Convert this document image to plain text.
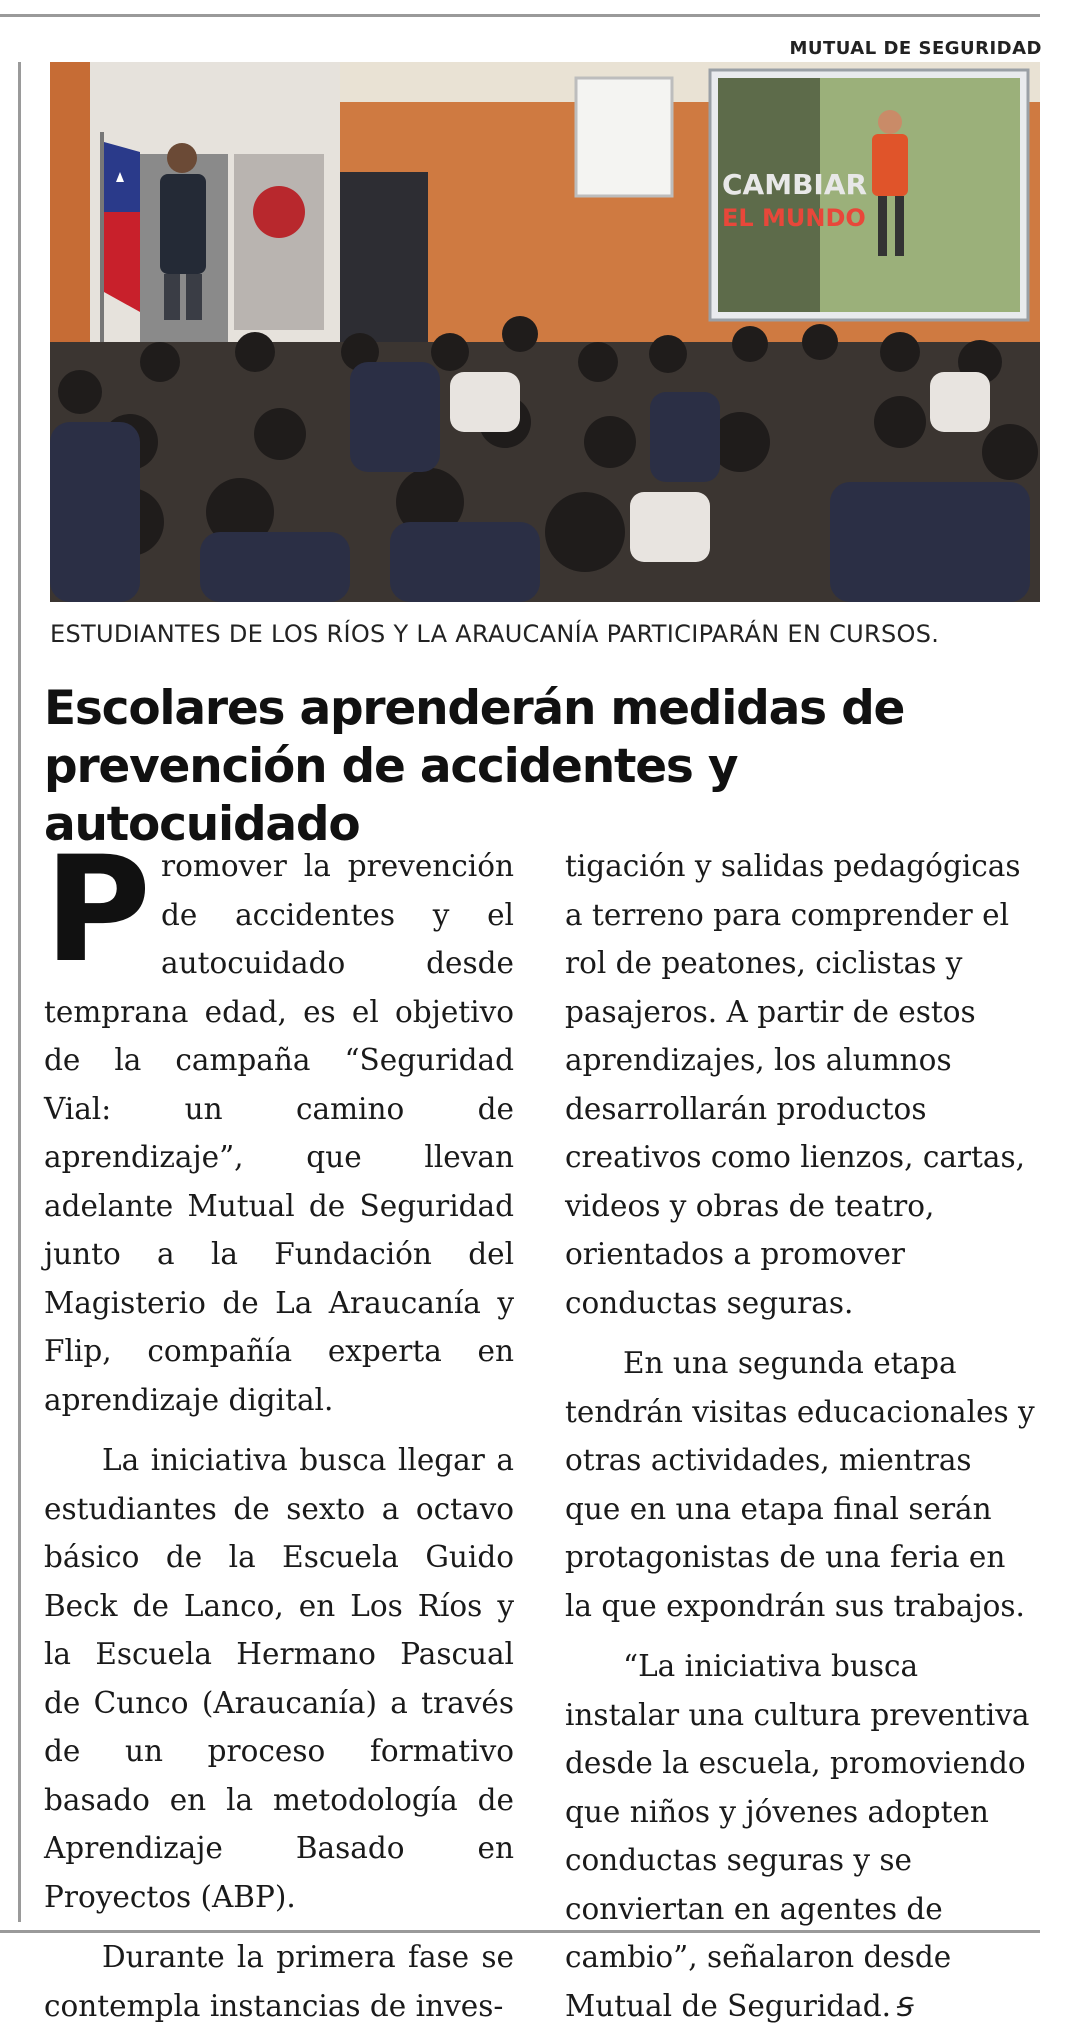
MUTUAL DE SEGURIDAD
CAMBIAR
EL MUNDO
ESTUDIANTES DE LOS RÍOS Y LA ARAUCANÍA PARTICIPARÁN EN CURSOS.
Escolares aprenderán medidas de
prevención de accidentes y autocuidado

Promover la prevención de accidentes y el autocuidado desde temprana edad, es el objetivo de la campaña “Seguridad Vial: un camino de aprendizaje”, que llevan adelante Mutual de Seguridad junto a la Fundación del Magisterio de La Araucanía y Flip, compañía experta en aprendizaje digital.

La iniciativa busca llegar a estudiantes de sexto a octavo básico de la Escuela Guido Beck de Lanco, en Los Ríos y la Escuela Hermano Pascual de Cunco (Araucanía) a través de un proceso formativo basado en la metodología de Aprendizaje Basado en Proyectos (ABP).

Durante la primera fase se contempla instancias de inves-

tigación y salidas pedagógicas a terreno para comprender el rol de peatones, ciclistas y pasajeros. A partir de estos aprendizajes, los alumnos desarrollarán productos creativos como lienzos, cartas, videos y obras de teatro, orientados a promover conductas seguras.

En una segunda etapa tendrán visitas educacionales y otras actividades, mientras que en una etapa final serán protagonistas de una feria en la que expondrán sus trabajos.

“La iniciativa busca instalar una cultura preventiva desde la escuela, promoviendo que niños y jóvenes adopten conductas seguras y se conviertan en agentes de cambio”, señalaron desde Mutual de Seguridad. Ꞩ
